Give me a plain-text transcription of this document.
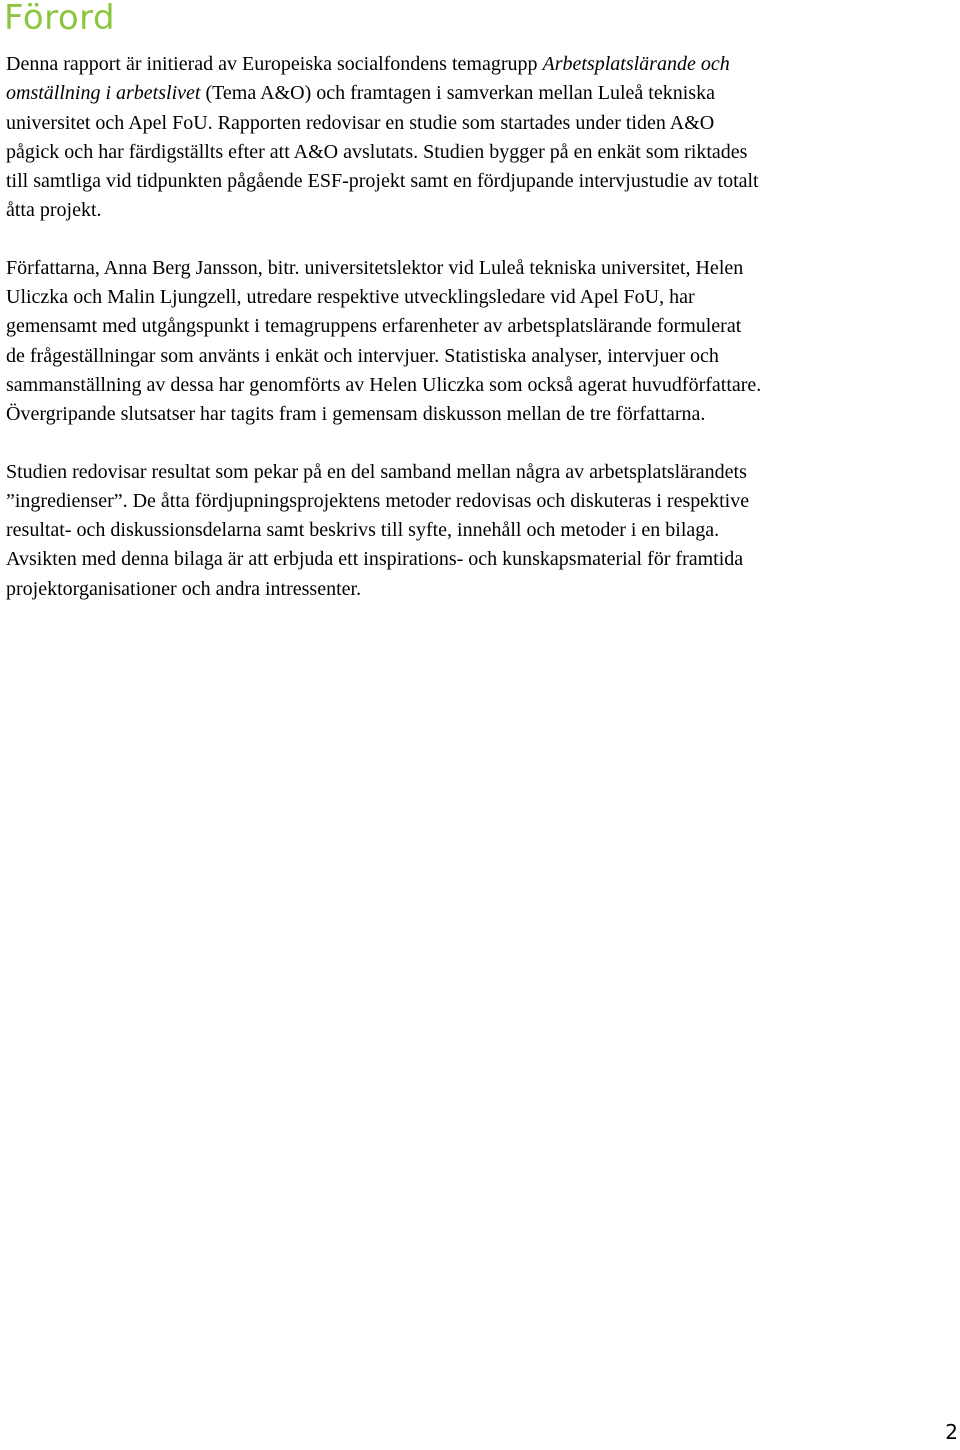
Förord

Denna rapport är initierad av Europeiska socialfondens temagrupp Arbetsplatslärande och
omställning i arbetslivet (Tema A&O) och framtagen i samverkan mellan Luleå tekniska
universitet och Apel FoU. Rapporten redovisar en studie som startades under tiden A&O
pågick och har färdigställts efter att A&O avslutats. Studien bygger på en enkät som riktades
till samtliga vid tidpunkten pågående ESF-projekt samt en fördjupande intervjustudie av totalt
åtta projekt.

Författarna, Anna Berg Jansson, bitr. universitetslektor vid Luleå tekniska universitet, Helen
Uliczka och Malin Ljungzell, utredare respektive utvecklingsledare vid Apel FoU, har
gemensamt med utgångspunkt i temagruppens erfarenheter av arbetsplatslärande formulerat
de frågeställningar som använts i enkät och intervjuer. Statistiska analyser, intervjuer och
sammanställning av dessa har genomförts av Helen Uliczka som också agerat huvudförfattare.
Övergripande slutsatser har tagits fram i gemensam diskusson mellan de tre författarna.

Studien redovisar resultat som pekar på en del samband mellan några av arbetsplatslärandets
”ingredienser”. De åtta fördjupningsprojektens metoder redovisas och diskuteras i respektive
resultat- och diskussionsdelarna samt beskrivs till syfte, innehåll och metoder i en bilaga.
Avsikten med denna bilaga är att erbjuda ett inspirations- och kunskapsmaterial för framtida
projektorganisationer och andra intressenter.

2
